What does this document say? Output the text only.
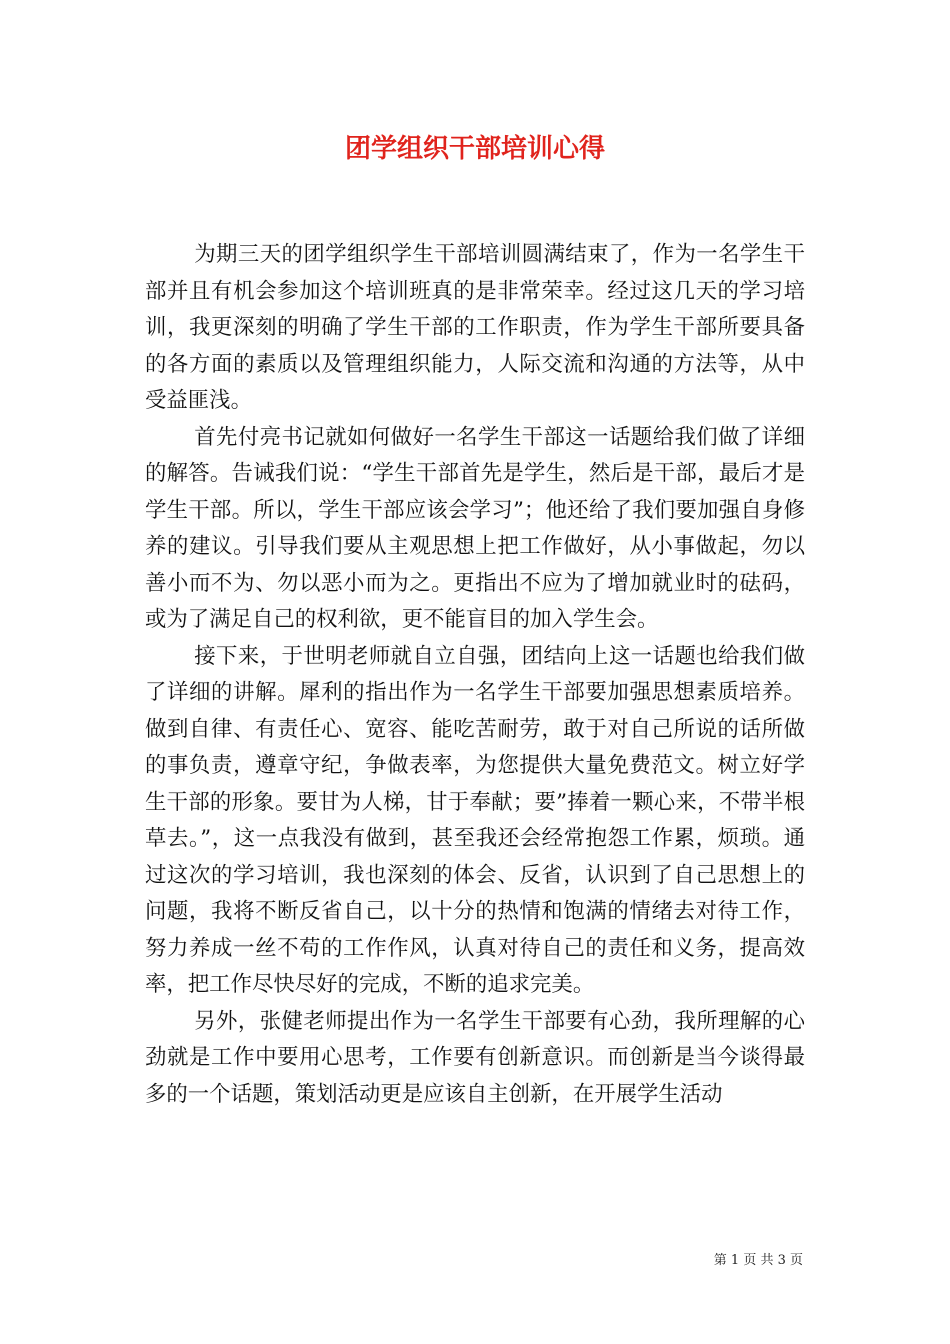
团学组织干部培训心得

为期三天的团学组织学生干部培训圆满结束了，作为一名学生干部并且有机会参加这个培训班真的是非常荣幸。经过这几天的学习培训，我更深刻的明确了学生干部的工作职责，作为学生干部所要具备的各方面的素质以及管理组织能力，人际交流和沟通的方法等，从中受益匪浅。

首先付亮书记就如何做好一名学生干部这一话题给我们做了详细的解答。告诫我们说：“学生干部首先是学生，然后是干部，最后才是学生干部。所以，学生干部应该会学习”；他还给了我们要加强自身修养的建议。引导我们要从主观思想上把工作做好，从小事做起，勿以善小而不为、勿以恶小而为之。更指出不应为了增加就业时的砝码，或为了满足自己的权利欲，更不能盲目的加入学生会。

接下来，于世明老师就自立自强，团结向上这一话题也给我们做了详细的讲解。犀利的指出作为一名学生干部要加强思想素质培养。做到自律、有责任心、宽容、能吃苦耐劳，敢于对自己所说的话所做的事负责，遵章守纪，争做表率，为您提供大量免费范文。树立好学生干部的形象。要甘为人梯，甘于奉献；要”捧着一颗心来，不带半根草去。”，这一点我没有做到，甚至我还会经常抱怨工作累，烦琐。通过这次的学习培训，我也深刻的体会、反省，认识到了自己思想上的问题，我将不断反省自己，以十分的热情和饱满的情绪去对待工作，努力养成一丝不苟的工作作风，认真对待自己的责任和义务，提高效率，把工作尽快尽好的完成，不断的追求完美。

另外，张健老师提出作为一名学生干部要有心劲，我所理解的心劲就是工作中要用心思考，工作要有创新意识。而创新是当今谈得最多的一个话题，策划活动更是应该自主创新，在开展学生活动

第 1 页 共 3 页
